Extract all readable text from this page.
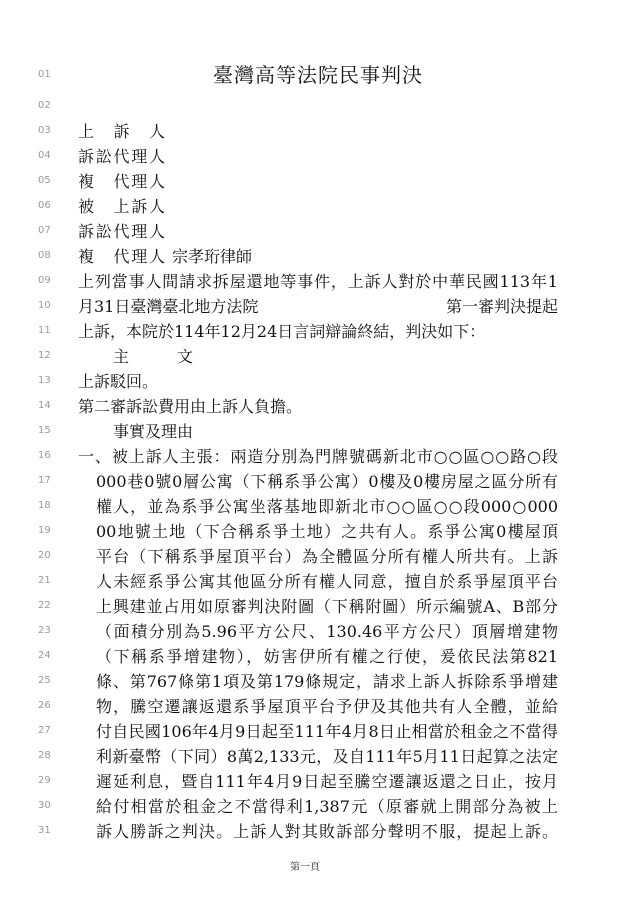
01	臺灣高等法院民事判決
02
03	上　訴　人
04	訴訟代理人
05	複　代理人
06	被　上訴人
07	訴訟代理人
08	複　代理人 宗孝珩律師
09	上列當事人間請求拆屋還地等事件，上訴人對於中華民國113年1
10	月31日臺灣臺北地方法院	第一審判決提起
11	上訴，本院於114年12月24日言詞辯論終結，判決如下：
12	主　　　文
13	上訴駁回。
14	第二審訴訟費用由上訴人負擔。
15	事實及理由
16	一、被上訴人主張：兩造分別為門牌號碼新北市○○區○○路○段
17	000巷0號0層公寓（下稱系爭公寓）0樓及0樓房屋之區分所有
18	權人，並為系爭公寓坐落基地即新北市○○區○○段000○000
19	00地號土地（下合稱系爭土地）之共有人。系爭公寓0樓屋頂
20	平台（下稱系爭屋頂平台）為全體區分所有權人所共有。上訴
21	人未經系爭公寓其他區分所有權人同意，擅自於系爭屋頂平台
22	上興建並占用如原審判決附圖（下稱附圖）所示編號A、B部分
23	（面積分別為5.96平方公尺、130.46平方公尺）頂層增建物
24	（下稱系爭增建物），妨害伊所有權之行使，爰依民法第821
25	條、第767條第1項及第179條規定，請求上訴人拆除系爭增建
26	物，騰空遷讓返還系爭屋頂平台予伊及其他共有人全體，並給
27	付自民國106年4月9日起至111年4月8日止相當於租金之不當得
28	利新臺幣（下同）8萬2,133元，及自111年5月11日起算之法定
29	遲延利息，暨自111年4月9日起至騰空遷讓返還之日止，按月
30	給付相當於租金之不當得利1,387元（原審就上開部分為被上
31	訴人勝訴之判決。上訴人對其敗訴部分聲明不服，提起上訴。
第一頁
